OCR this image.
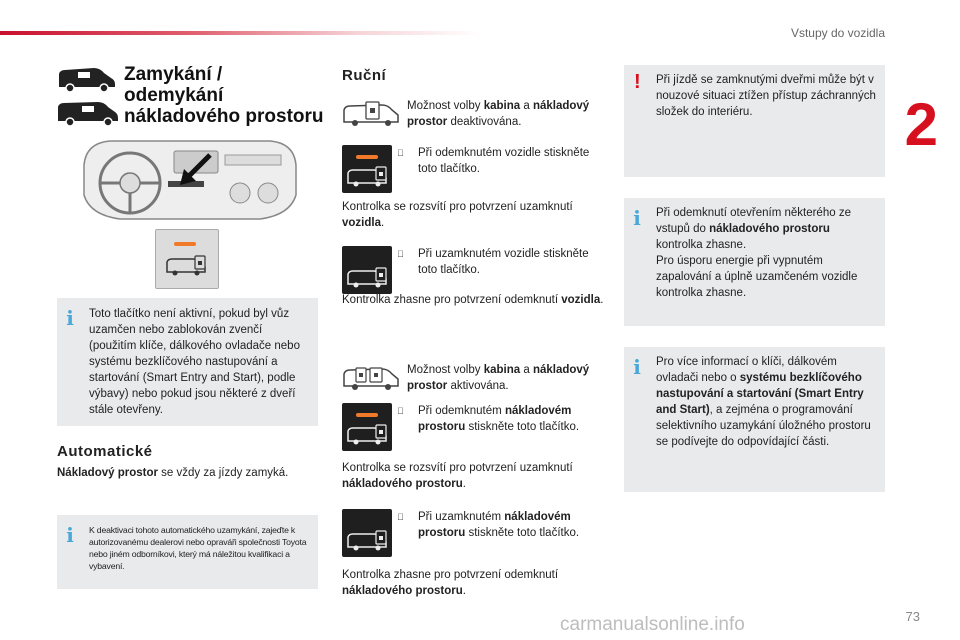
Vstupy do vozidla
2
73
carmanualsonline.info
Zamykání /
odemykání
nákladového prostoru
i Toto tlačítko není aktivní, pokud byl vůz uzamčen nebo zablokován zvenčí (použitím klíče, dálkového ovladače nebo systému bezklíčového nastupování a startování (Smart Entry and Start), podle výbavy) nebo pokud jsou některé z dveří stále otevřeny.
Automatické
Nákladový prostor se vždy za jízdy zamyká.
i	K deaktivaci tohoto automatického uzamykání, zajeďte k autorizovanému dealerovi nebo opraváři společnosti Toyota nebo jiném odborníkovi, který má náležitou kvalifikaci a vybavení.
Ruční
Možnost volby kabina a nákladový prostor deaktivována.
Při odemknutém vozidle stiskněte toto tlačítko.
Kontrolka se rozsvítí pro potvrzení uzamknutí vozidla.
Při uzamknutém vozidle stiskněte toto tlačítko.
Kontrolka zhasne pro potvrzení odemknutí vozidla.
Možnost volby kabina a nákladový prostor aktivována.
Při odemknutém nákladovém prostoru stiskněte toto tlačítko.
Kontrolka se rozsvítí pro potvrzení uzamknutí nákladového prostoru.
Při uzamknutém nákladovém prostoru stiskněte toto tlačítko.
Kontrolka zhasne pro potvrzení odemknutí nákladového prostoru.
! Při jízdě se zamknutými dveřmi může být v nouzové situaci ztížen přístup záchranných složek do interiéru.
i Při odemknutí otevřením některého ze vstupů do nákladového prostoru kontrolka zhasne.
Pro úsporu energie při vypnutém zapalování a úplně uzamčeném vozidle kontrolka zhasne.
i Pro více informací o klíči, dálkovém ovladači nebo o systému bezklíčového nastupování a startování (Smart Entry and Start), a zejména o programování selektivního uzamykání úložného prostoru se podívejte do odpovídající části.
